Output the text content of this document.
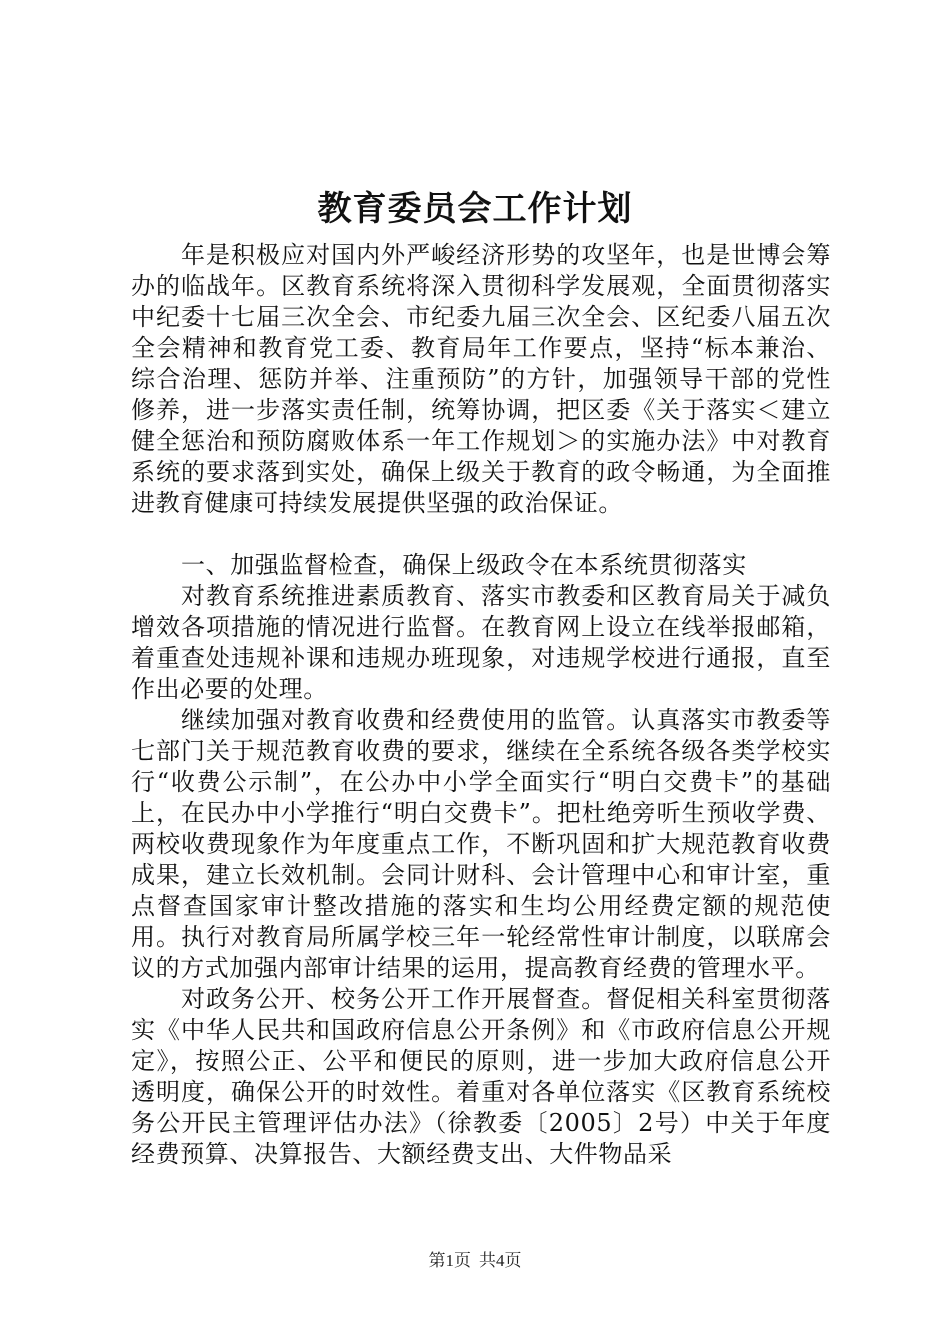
教育委员会工作计划

年是积极应对国内外严峻经济形势的攻坚年，也是世博会筹办的临战年。区教育系统将深入贯彻科学发展观，全面贯彻落实中纪委十七届三次全会、市纪委九届三次全会、区纪委八届五次全会精神和教育党工委、教育局年工作要点，坚持“标本兼治、综合治理、惩防并举、注重预防”的方针，加强领导干部的党性修养，进一步落实责任制，统筹协调，把区委《关于落实＜建立健全惩治和预防腐败体系一年工作规划＞的实施办法》中对教育系统的要求落到实处，确保上级关于教育的政令畅通，为全面推进教育健康可持续发展提供坚强的政治保证。

一、加强监督检查，确保上级政令在本系统贯彻落实

对教育系统推进素质教育、落实市教委和区教育局关于减负增效各项措施的情况进行监督。在教育网上设立在线举报邮箱，着重查处违规补课和违规办班现象，对违规学校进行通报，直至作出必要的处理。

继续加强对教育收费和经费使用的监管。认真落实市教委等七部门关于规范教育收费的要求，继续在全系统各级各类学校实行“收费公示制”，在公办中小学全面实行“明白交费卡”的基础上，在民办中小学推行“明白交费卡”。把杜绝旁听生预收学费、两校收费现象作为年度重点工作，不断巩固和扩大规范教育收费成果，建立长效机制。会同计财科、会计管理中心和审计室，重点督查国家审计整改措施的落实和生均公用经费定额的规范使用。执行对教育局所属学校三年一轮经常性审计制度，以联席会议的方式加强内部审计结果的运用，提高教育经费的管理水平。

对政务公开、校务公开工作开展督查。督促相关科室贯彻落实《中华人民共和国政府信息公开条例》和《市政府信息公开规定》，按照公正、公平和便民的原则，进一步加大政府信息公开透明度，确保公开的时效性。着重对各单位落实《区教育系统校务公开民主管理评估办法》（徐教委〔2005〕2号）中关于年度经费预算、决算报告、大额经费支出、大件物品采

第1页 共4页
